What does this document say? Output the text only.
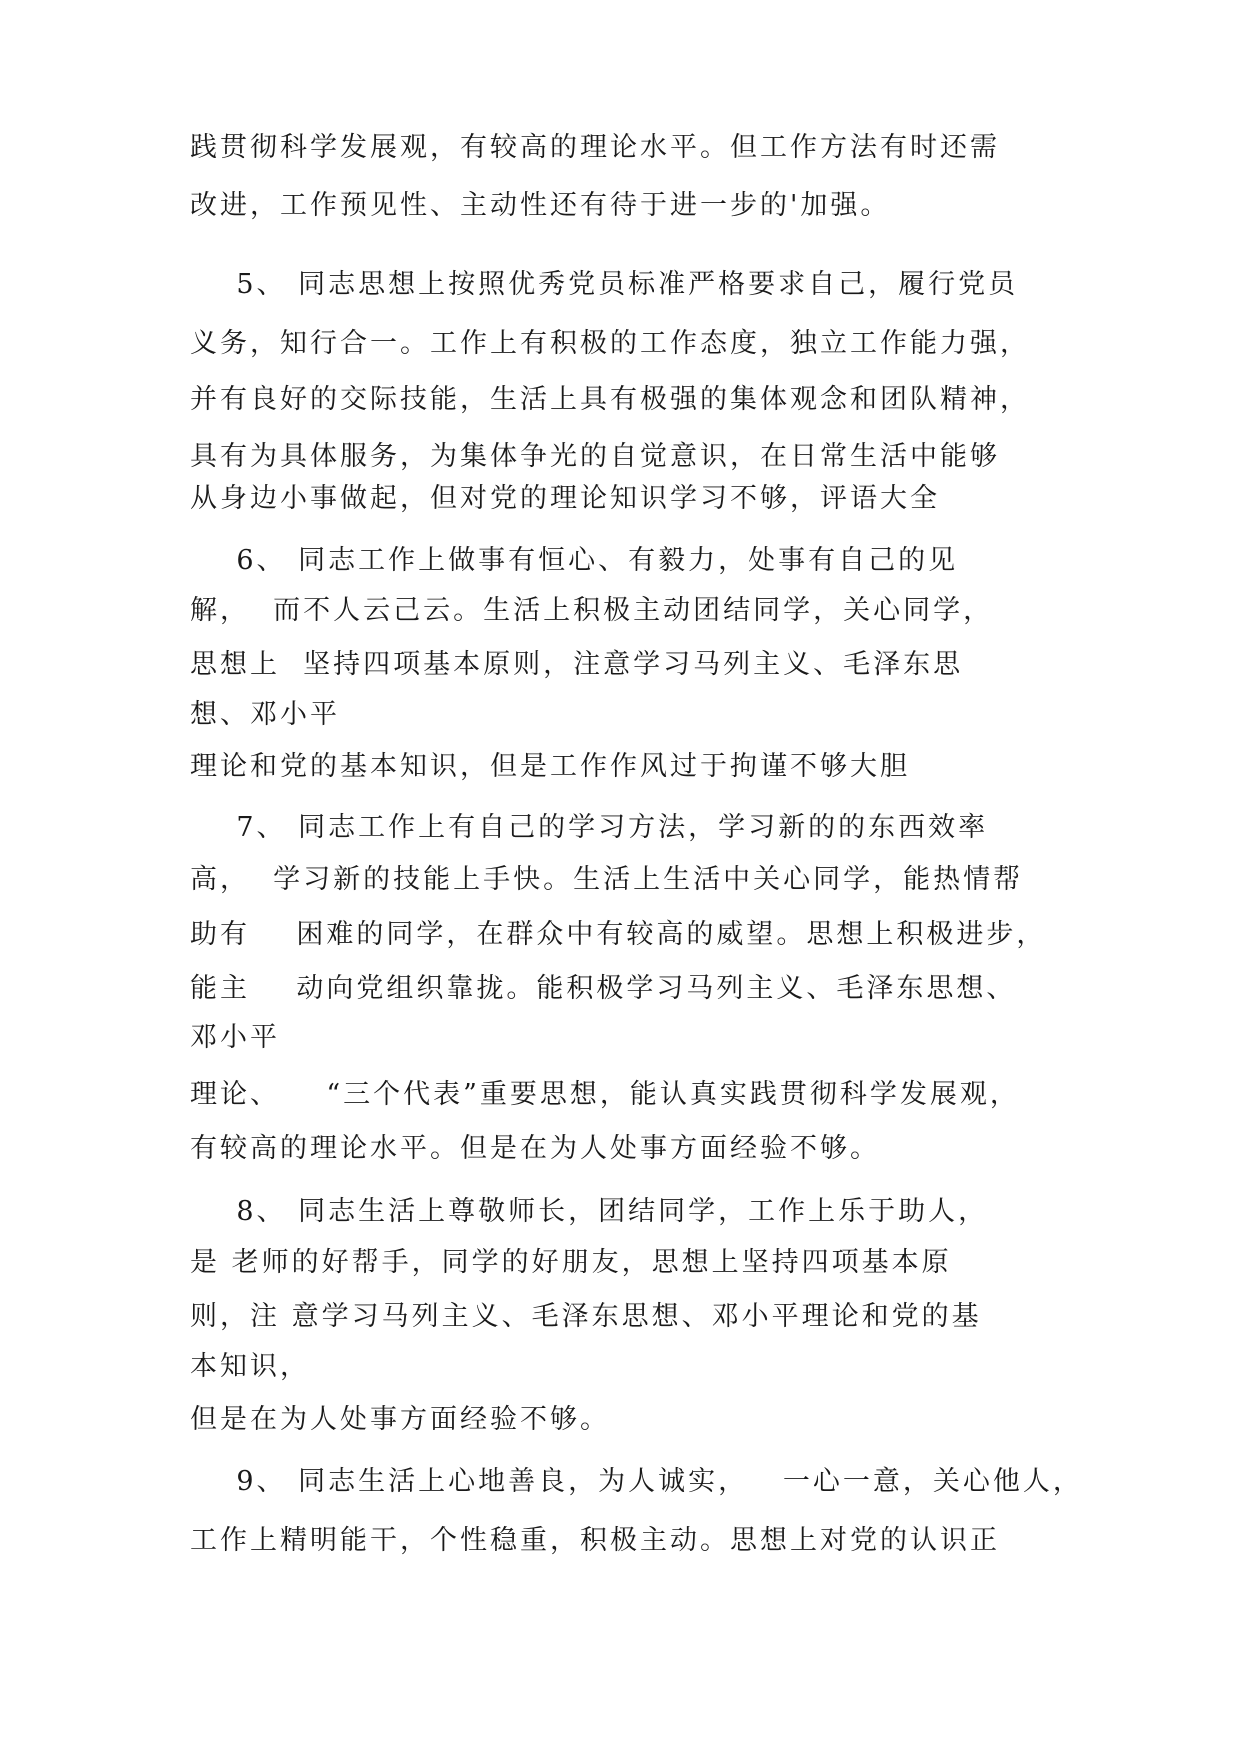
践贯彻科学发展观，有较高的理论水平。但工作方法有时还需
改进，工作预见性、主动性还有待于进一步的'加强。
5、 同志思想上按照优秀党员标准严格要求自己，履行党员
义务，知行合一。工作上有积极的工作态度，独立工作能力强，
并有良好的交际技能，生活上具有极强的集体观念和团队精神，
具有为具体服务，为集体争光的自觉意识，在日常生活中能够
从身边小事做起，但对党的理论知识学习不够，评语大全
6、 同志工作上做事有恒心、有毅力，处事有自己的见
解，  而不人云己云。生活上积极主动团结同学，关心同学，
思想上  坚持四项基本原则，注意学习马列主义、毛泽东思
想、邓小平
理论和党的基本知识，但是工作作风过于拘谨不够大胆
7、 同志工作上有自己的学习方法，学习新的的东西效率
高，  学习新的技能上手快。生活上生活中关心同学，能热情帮
助有    困难的同学，在群众中有较高的威望。思想上积极进步，
能主    动向党组织靠拢。能积极学习马列主义、毛泽东思想、
邓小平
理论、    “三个代表”重要思想，能认真实践贯彻科学发展观，
有较高的理论水平。但是在为人处事方面经验不够。
8、 同志生活上尊敬师长，团结同学，工作上乐于助人，
是 老师的好帮手，同学的好朋友，思想上坚持四项基本原
则，注 意学习马列主义、毛泽东思想、邓小平理论和党的基
本知识，
但是在为人处事方面经验不够。
9、 同志生活上心地善良，为人诚实，   一心一意，关心他人，
工作上精明能干，个性稳重，积极主动。思想上对党的认识正
